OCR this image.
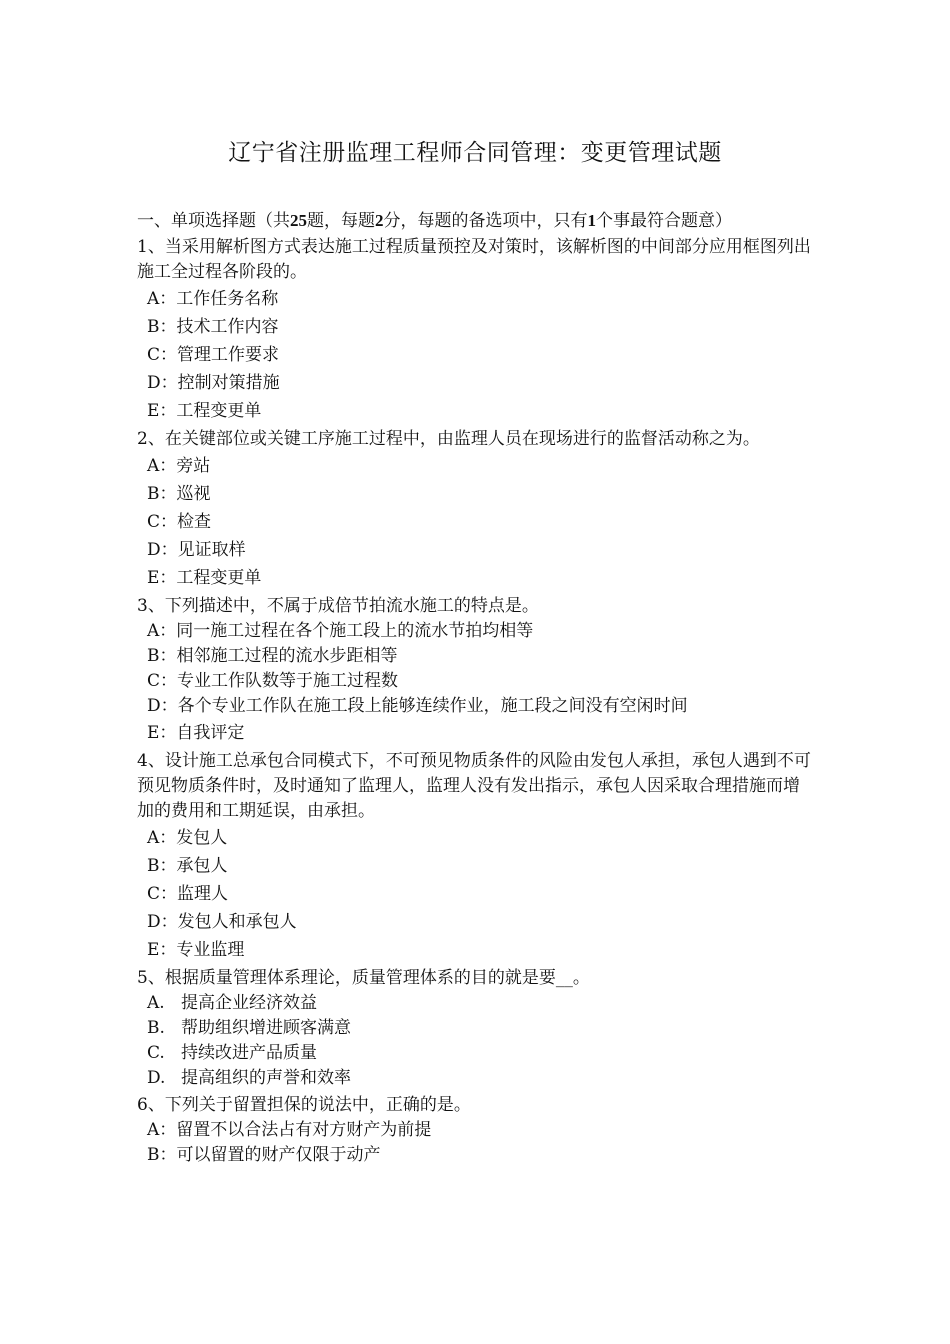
辽宁省注册监理工程师合同管理：变更管理试题
一、单项选择题（共25题，每题2分，每题的备选项中，只有1个事最符合题意）
1、当采用解析图方式表达施工过程质量预控及对策时，该解析图的中间部分应用框图列出施工全过程各阶段的。
A：工作任务名称
B：技术工作内容
C：管理工作要求
D：控制对策措施
E：工程变更单
2、在关键部位或关键工序施工过程中，由监理人员在现场进行的监督活动称之为。
A：旁站
B：巡视
C：检查
D：见证取样
E：工程变更单
3、下列描述中，不属于成倍节拍流水施工的特点是。
A：同一施工过程在各个施工段上的流水节拍均相等
B：相邻施工过程的流水步距相等
C：专业工作队数等于施工过程数
D：各个专业工作队在施工段上能够连续作业，施工段之间没有空闲时间
E：自我评定
4、设计施工总承包合同模式下，不可预见物质条件的风险由发包人承担，承包人遇到不可预见物质条件时，及时通知了监理人，监理人没有发出指示，承包人因采取合理措施而增加的费用和工期延误，由承担。
A：发包人
B：承包人
C：监理人
D：发包人和承包人
E：专业监理
5、根据质量管理体系理论，质量管理体系的目的就是要__。
A. 提高企业经济效益
B. 帮助组织增进顾客满意
C. 持续改进产品质量
D. 提高组织的声誉和效率
6、下列关于留置担保的说法中，正确的是。
A：留置不以合法占有对方财产为前提
B：可以留置的财产仅限于动产
